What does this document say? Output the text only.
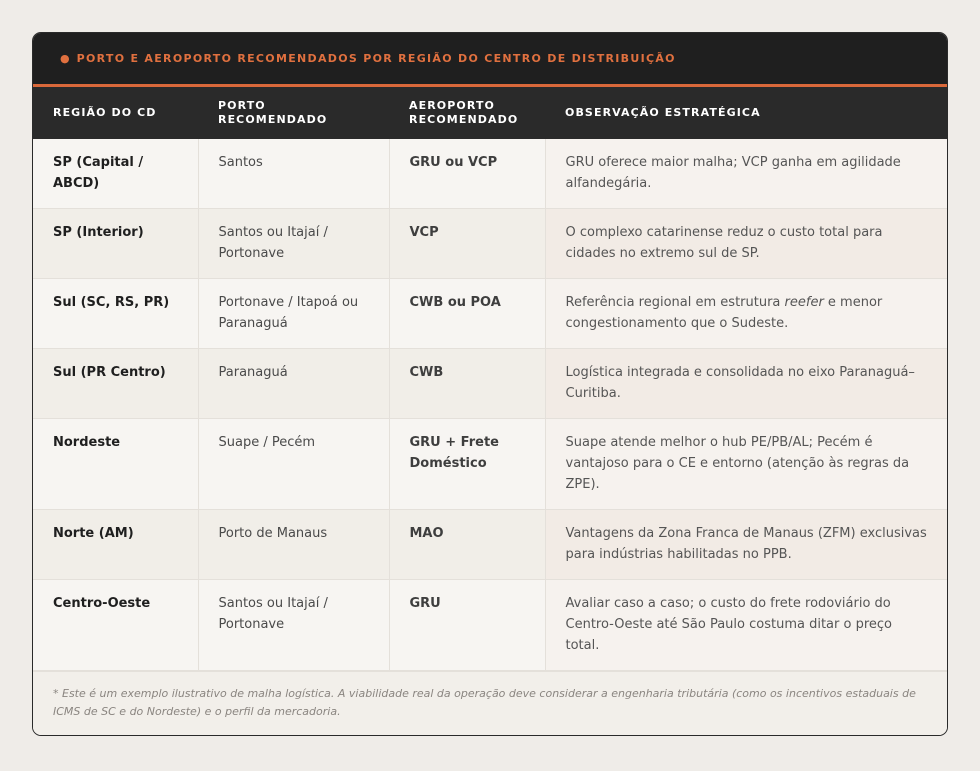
● PORTO E AEROPORTO RECOMENDADOS POR REGIÃO DO CENTRO DE DISTRIBUIÇÃO
REGIÃO DO CD	PORTO RECOMENDADO	AEROPORTO RECOMENDADO	OBSERVAÇÃO ESTRATÉGICA
SP (Capital / ABCD)	Santos	GRU ou VCP	GRU oferece maior malha; VCP ganha em agilidade alfandegária.
SP (Interior)	Santos ou Itajaí / Portonave	VCP	O complexo catarinense reduz o custo total para cidades no extremo sul de SP.
Sul (SC, RS, PR)	Portonave / Itapoá ou Paranaguá	CWB ou POA	Referência regional em estrutura reefer e menor congestionamento que o Sudeste.
Sul (PR Centro)	Paranaguá	CWB	Logística integrada e consolidada no eixo Paranaguá–Curitiba.
Nordeste	Suape / Pecém	GRU + Frete Doméstico	Suape atende melhor o hub PE/PB/AL; Pecém é vantajoso para o CE e entorno (atenção às regras da ZPE).
Norte (AM)	Porto de Manaus	MAO	Vantagens da Zona Franca de Manaus (ZFM) exclusivas para indústrias habilitadas no PPB.
Centro-Oeste	Santos ou Itajaí / Portonave	GRU	Avaliar caso a caso; o custo do frete rodoviário do Centro-Oeste até São Paulo costuma ditar o preço total.
* Este é um exemplo ilustrativo de malha logística. A viabilidade real da operação deve considerar a engenharia tributária (como os incentivos estaduais de ICMS de SC e do Nordeste) e o perfil da mercadoria.
